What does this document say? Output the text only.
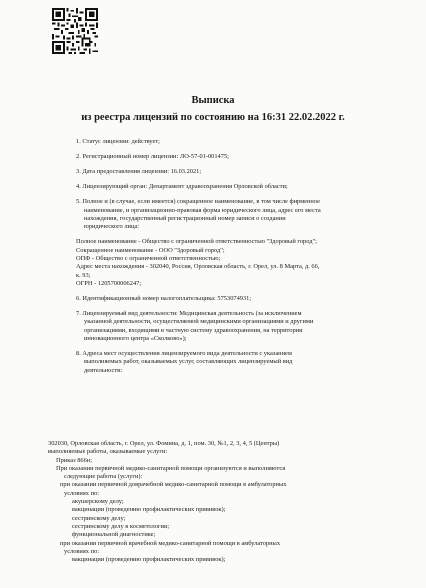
Выписка
из реестра лицензий по состоянию на 16:31 22.02.2022 г.
1. Статус лицензии: действует;
2. Регистрационный номер лицензии: ЛО-57-01-001475;
3. Дата предоставления лицензии: 16.03.2021;
4. Лицензирующий орган: Департамент здравоохранения Орловской области;
5. Полное и (в случае, если имеется) сокращенное наименование, в том числе фирменное
наименование, и организационно-правовая форма юридического лица, адрес его места
нахождения, государственный регистрационный номер записи о создании
юридического лица:
Полное наименование - Общество с ограниченной ответственностью "Здоровый город";
Сокращенное наименование - ООО "Здоровый город";
ОПФ - Общество с ограниченной ответственностью;
Адрес места нахождения - 302040, Россия, Орловская область, г. Орел, ул. 8 Марта, д. 66,
к. 93;
ОГРН - 1205700006247;
6. Идентификационный номер налогоплательщика: 5753074931;
7. Лицензируемый вид деятельности: Медицинская деятельность (за исключением
указанной деятельности, осуществляемой медицинскими организациями и другими
организациями, входящими в частную систему здравоохранения, на территории
инновационного центра «Сколково»);
8. Адреса мест осуществления лицензируемого вида деятельности с указанием
выполняемых работ, оказываемых услуг, составляющих лицензируемый вид
деятельности:
302030, Орловская область, г. Орел, ул. Фомина, д. 1, пом. 30, №1, 2, 3, 4, 5 (Центры)
выполняемые работы, оказываемые услуги:
Приказ 866н;
При оказании первичной медико-санитарной помощи организуются и выполняются
следующие работы (услуги):
при оказании первичной доврачебной медико-санитарной помощи в амбулаторных
условиях по:
акушерскому делу;
вакцинации (проведению профилактических прививок);
сестринскому делу;
сестринскому делу в косметологии;
функциональной диагностике;
при оказании первичной врачебной медико-санитарной помощи в амбулаторных
условиях по:
вакцинации (проведению профилактических прививок);
